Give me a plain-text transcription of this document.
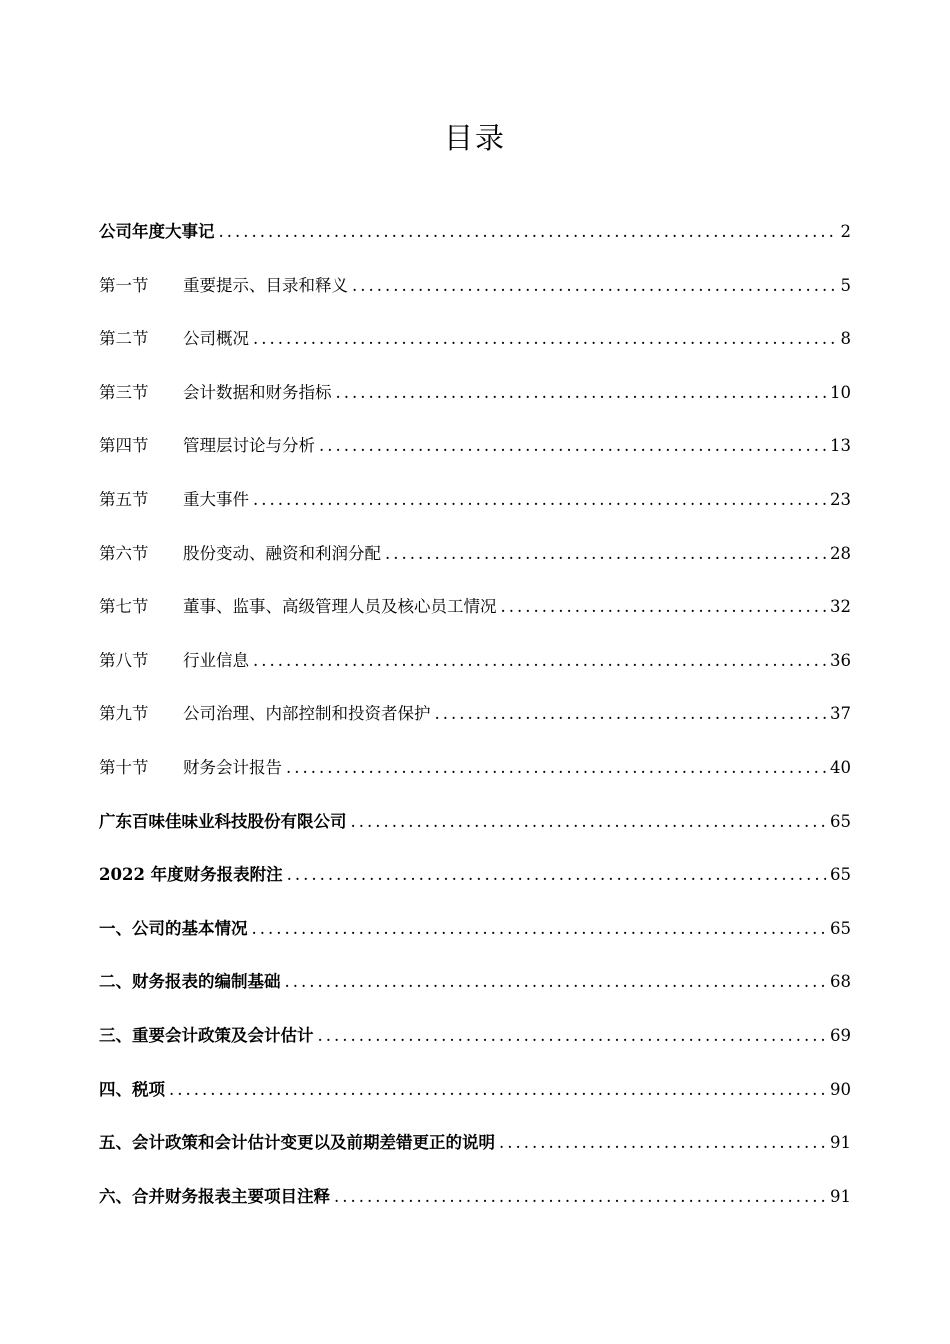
目录
公司年度大事记 .....	2
第一节	重要提示、目录和释义 .....	5
第二节	公司概况 .....	8
第三节	会计数据和财务指标 .....	10
第四节	管理层讨论与分析 .....	13
第五节	重大事件 .....	23
第六节	股份变动、融资和利润分配 .....	28
第七节	董事、监事、高级管理人员及核心员工情况 .....	32
第八节	行业信息 .....	36
第九节	公司治理、内部控制和投资者保护 .....	37
第十节	财务会计报告 .....	40
广东百味佳味业科技股份有限公司 .....	65
2022 年度财务报表附注 .....	65
一、公司的基本情况 .....	65
二、财务报表的编制基础 .....	68
三、重要会计政策及会计估计 .....	69
四、税项 .....	90
五、会计政策和会计估计变更以及前期差错更正的说明 .....	91
六、合并财务报表主要项目注释 .....	91
